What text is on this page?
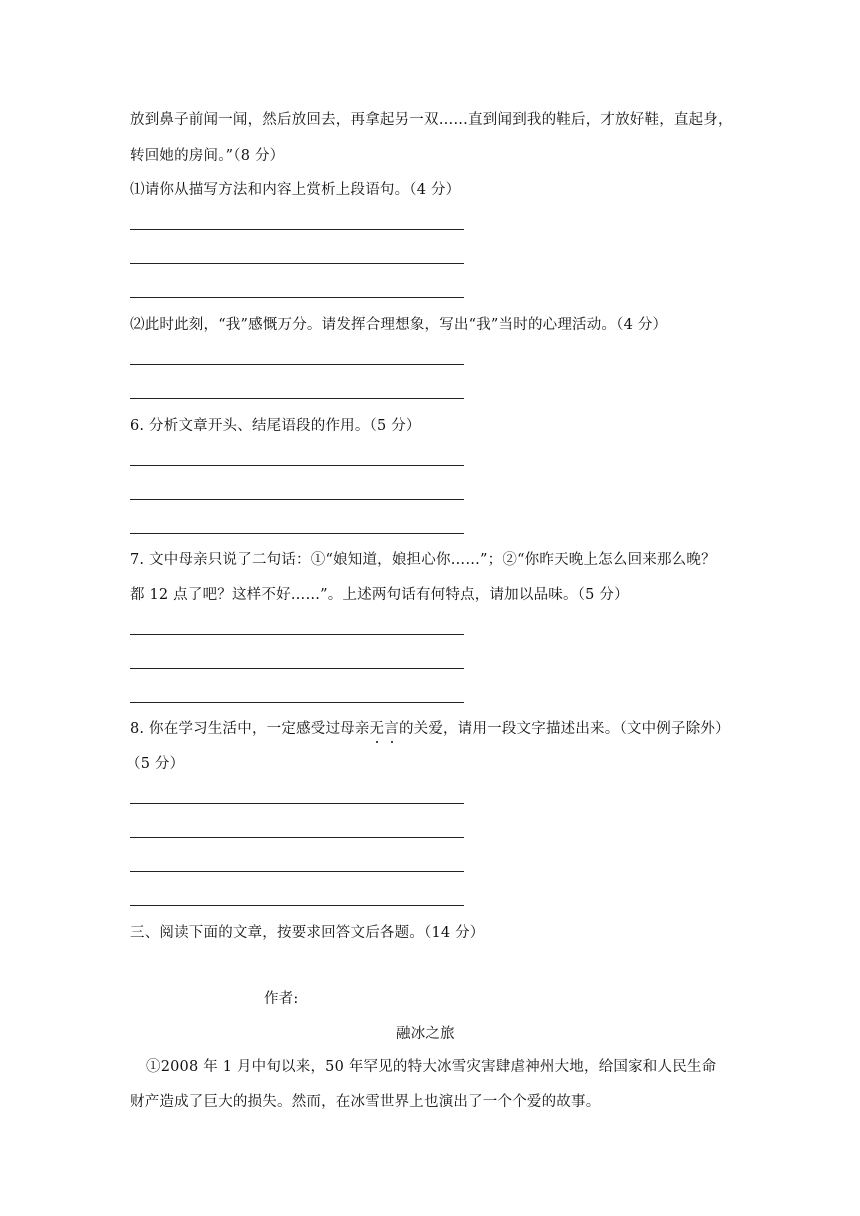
放到鼻子前闻一闻，然后放回去，再拿起另一双……直到闻到我的鞋后，才放好鞋，直起身，
转回她的房间。”（8 分）
⑴请你从描写方法和内容上赏析上段语句。（4 分）
⑵此时此刻，“我”感慨万分。请发挥合理想象，写出“我”当时的心理活动。（4 分）
6. 分析文章开头、结尾语段的作用。（5 分）
7. 文中母亲只说了二句话：①“娘知道，娘担心你……”；②“你昨天晚上怎么回来那么晚？
都 12 点了吧？这样不好……”。上述两句话有何特点，请加以品味。（5 分）
8. 你在学习生活中，一定感受过母亲无言的关爱，请用一段文字描述出来。（文中例子除外）
（5 分）
三、阅读下面的文章，按要求回答文后各题。（14 分）
作者:
融冰之旅
①2008 年 1 月中旬以来，50 年罕见的特大冰雪灾害肆虐神州大地，给国家和人民生命
财产造成了巨大的损失。然而，在冰雪世界上也演出了一个个爱的故事。
